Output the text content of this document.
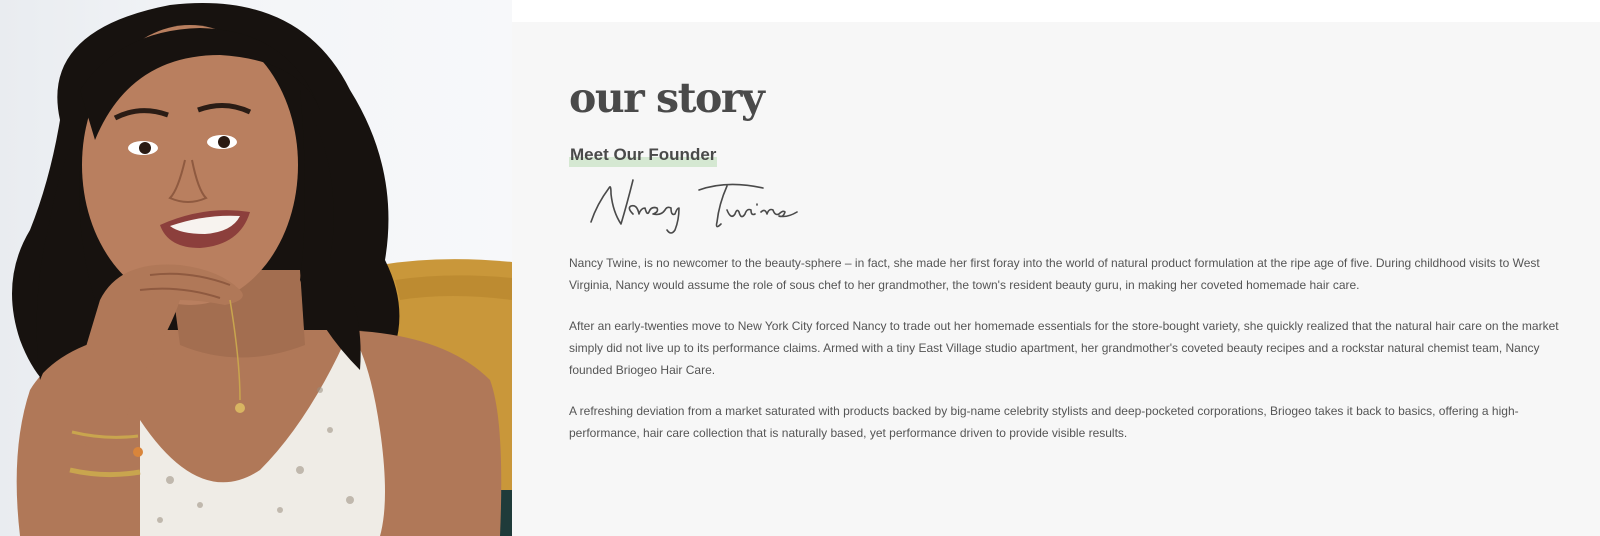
our story
Meet Our Founder

Nancy Twine, is no newcomer to the beauty-sphere – in fact, she made her first foray into the world of natural product formulation at the ripe age of five. During childhood visits to West Virginia, Nancy would assume the role of sous chef to her grandmother, the town's resident beauty guru, in making her coveted homemade hair care.

After an early-twenties move to New York City forced Nancy to trade out her homemade essentials for the store-bought variety, she quickly realized that the natural hair care on the market simply did not live up to its performance claims. Armed with a tiny East Village studio apartment, her grandmother's coveted beauty recipes and a rockstar natural chemist team, Nancy founded Briogeo Hair Care.

A refreshing deviation from a market saturated with products backed by big-name celebrity stylists and deep-pocketed corporations, Briogeo takes it back to basics, offering a high-performance, hair care collection that is naturally based, yet performance driven to provide visible results.
